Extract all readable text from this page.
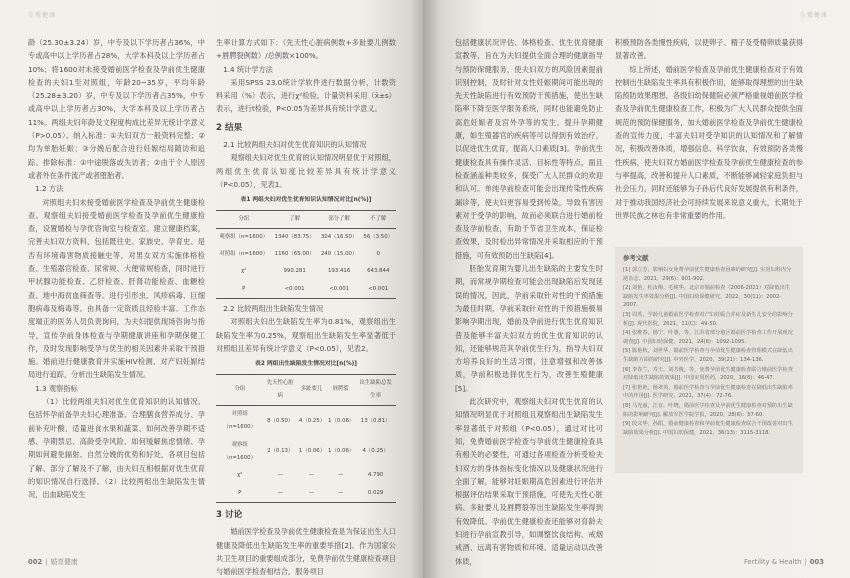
生殖健康

龄（25.30±3.24）岁，中专及以下学历者占36%，中专或高中以上学历者占28%，大学本科及以上学历者占10%；将1600对未接受婚前医学检查及孕前优生健康检查的夫妇1至对照组，年龄20~35岁，平均年龄（25.28±3.20）岁，中专及以下学历者占35%，中专或高中以上学历者占30%，大学本科及以上学历者占11%。两组夫妇年龄及文程度构成比差异无统计学意义（P>0.05）。纳入标准：①夫妇双方一般资料完整；②均为单胎妊娠；③分娩后配合进行妊娠结局随访和追踪。排除标准：①中途脱落或失访者；②由于个人原因或者外在条件流产或者堕胎者。

1.2 方法

对照组夫妇未接受婚前医学检查及孕前优生健康检查。观察组夫妇接受婚前医学检查及孕前优生健康检查，设置婚检与孕优咨询室与检查室。建立健康档案，完善夫妇双方资料，包括既往史、家族史、孕育史、是否有环境毒害物质接触史等，对男女双方实施体格检查、生殖器官检查、尿常规、大便常规检查，同时进行甲状腺功能检查、乙肝检查、肝肾功能检查、血糖检查、地中海贫血筛查等。进行引形虫、风疹病毒、巨细胞病毒及梅毒等。由具备一定资质且经验丰富、工作态度端正的医务人员负责询问，为夫妇提供现场咨询与指导，宣传孕前身体检查与孕期健康讲座和孕期保健工作，及时发现影响受孕与优生的相关因素并采取干预措施。婚前进行健康教育并实施HIV检测、对产妇妊娠结局进行追踪，分析出生缺陷发生情况。

1.3 观察指标

（1）比较两组夫妇对优生优育知识的认知情况。包括怀孕前备孕夫妇心理准备、合理膳食营养成分、孕前补充叶酸、适量进食水果和蔬菜、如何改善孕期不适感、孕期禁忌、高龄受孕风险、如何缓解焦虑情绪、孕期如何避免辐射、自然分娩的优势和好处，各项目包括了解、部分了解及不了解，由夫妇互相根据对优生优育的知识情况自行选择。（2）比较两组出生缺陷发生情况，出血缺陷发生

生率计算方式如下：（先天性心脏病例数+多趾要儿例数+唇腭裂例数）/总例数×100%。

1.4 统计学方法

采用SPSS 23.0统计学软件进行数据分析，计数资料采用（%）表示，进行χ²检验，计量资料采用（x̄±s）表示，进行t检验，P<0.05为差异具有统计学意义。

2 结果
2.1 比较两组夫妇对优生优育知识的认知情况

观察组夫妇对优生优育的认知情况明显优于对照组，两组优生优育认知度比较差异具有统计学意义（P<0.05），见表1。

表1 两组夫妇对优生优育知识认知情况对比[n(%)]
分组	了解	部分了解	不了解
观察组（n=1600）	1340（83.75）	304（16.50）	56（3.50）
对照组（n=1600）	1160（65.00）	240（15.00）	0
χ²	990.281	193.416	643.844
P	<0.001	<0.001	<0.001
2.2 比较两组出生缺陷发生情况

对照组夫妇出生缺陷发生率为0.81%，观察组出生缺陷发生率为0.25%，观察组出生缺陷发生率显著低于对照组且差异有统计学意义（P<0.05），见表2。

表2 两组出生缺陷发生情况对比[n(%)]
分组	先天性心脏病	多趾要儿	唇腭裂	出生缺陷总发生率
对照组（n=1600）	8（0.50）	4（0.25）	1（0.06）	13（0.81）
观察组（n=1600）	2（0.13）	1（0.06）	1（0.06）	4（0.25）
χ²	—	—	—	4.790
P	—	—	—	0.029
3 讨论

婚前医学检查及孕前优生健康检查是为保证出生人口健康及降低出生缺陷发生率的重要举措[2]。作为国家公共卫生项目的重要组成部分，免费孕前优生健康检查项目与婚前医学检查相结合，服务项目

002 | 婚育健康
生殖健康

包括健康状况评估、体格检查、优生优育健康宣教等，旨在为夫妇提供全面合理的健康指导与预防保健服务，使夫妇双方的风险因素提前识别控制，及时针对女性妊娠期间可能出现的先天性缺陷进行有效预防干预措施，使出生缺陷率下降至医学服务系统，同时也能避免防止高危妊娠者及宫外孕等的发生，提升孕期健康，如生殖器官的疾病等可以得到有效治疗，以促进优生优育，提高人口素质[3]。孕前优生健康检查具有操作灵活、目标性等特点，面且检查涵盖种类较多，探受广大人民群众的欢迎和认可。单纯孕前检查可能会出现传染性疾病漏诊等，使夫妇更容易受到传染，导致有害因素对于受孕的影响，故而必须联合进行婚前检查及孕前检查，有助于节省卫生成本，保证检查效果，及时检出异常情况并采取相应的干预措施，可有效预防出生缺陷[4]。

胚胎发育期为婴儿出生缺陷的主要发生时期，而常规孕期检查可能会出现缺陷后发现延误的情况，因此，孕前采取针对性的干预措施为最佳时期，孕前采取针对性的干预措施极易影响孕期出现，婚前及孕前进行优生优育知识普及能够丰富夫妇双方的优生优育知识的认知，还能够规范其孕前优生行为，指导夫妇双方培养良好的生活习惯，注意增强和改善体质，孕前积极选择优生行为，改善生殖健康[5]。

此次研究中，观察组夫妇对优生优育的认知情况明显优于对照组且观察组出生缺陷发生率显著低于对照组（P<0.05），通过对比可知，免费婚前医学检查与孕前优生健康检查具有相关的必要性，可通过各项检查分析受检夫妇双方的身体指标变化情况以及健康状况进行全面了解，能够对妊娠期高危因素进行评估并根据评估结果采取干预措施，可使先天性心脏病、多趾要儿及唇腭裂等出生缺陷发生率得到有效降低。孕前优生健康检查还能够对育龄夫妇进行孕前宣教引导，如调整饮食结构、戒烟戒酒、远离有害物质和环境、适量运动以改善体质，

积极预防各类慢性疾病，以使卵子、精子及受精卵质量获得显著改善。

综上所述，婚前医学检查及孕前优生健康检查对于有效控制出生缺陷发生率具有积极作用，能够取得理想的出生缺陷预防效果理想，各级妇幼保健院必须严格重视婚前医学检查及孕前优生健康检查工作，积极为广大人民群众提供全面规范的预防保健服务，加大婚前医学检查及孕前优生健康检查的宣传力度，丰富夫妇对受孕知识的认知情况和了解情况，积极改善体质，增强信息、科学饮食，有效预防各类慢性疾病，使夫妇双方婚前医学检查及孕前优生健康检查的参与率提高，改善和提升人口素质，不断能够减轻家庭负担与社会压力，同时还能够为子孙后代良好发展提供有利条件，对于推动我国经济社会可持续发展来说意义重大，长期处于世界民族之林也有非常重要的作用。

参考文献

[1] 郭立芳，影响妇女免费孕前优生健康检查因素的研究[J]. 实用妇科内分泌杂志，2021，29(6)：901-902.

[2] 刘艳，杜汝梅，毛树华，北京市婚前检查（2006-2021）对降低出生缺陷发生率效果分析[J]. 中国妇幼保健研究，2022，30(11)：2002-2007.

[3] 周英，学龄儿童婚前医学检查对产妇妊娠合并症及新生儿安全的影响分析[J]. 现代医院，2021，11(C)：49-50.

[4] 张维春，杨宁，叶惠，等，江苏省部分地区婚前医学检查工作开展现况调查[J]. 中国妇幼保健，2021，24(6)：1092-1095.

[5] 陈艳秋，刘世华，婚前医学检查与孕前优生健康检查管理模式在降低出生缺陷方面的研究[J]. 中外医学，2020，39(21)：134-136.

[6] 李春兰，寿王，刘芳俊，等，免费孕前优生健康检查联合婚前医学检查对降低出生缺陷的效果[J]. 中国实用医药，2020，16(6)：46-47.

[7] 张艳艳，杨翠英，婚前医学检查与孕前优生健康检查在降低出生缺陷率中的作用[J]. 医学研究，2021，37(4)：72-76.

[8] 马光丽，江宜，叶晓，婚前医学检查及孕前优生健康检查对预防出生缺陷的影响研究[J]. 解放军医学院学报，2020，28(6)：57-60.

[9] 段又华，孙阳，婚前健康检查和孕前优生健康检查联合干预改善对出生缺陷效果分析[J]. 中国妇幼保健，2021，36(13)：3115-3118.

Fertility & Health | 003
